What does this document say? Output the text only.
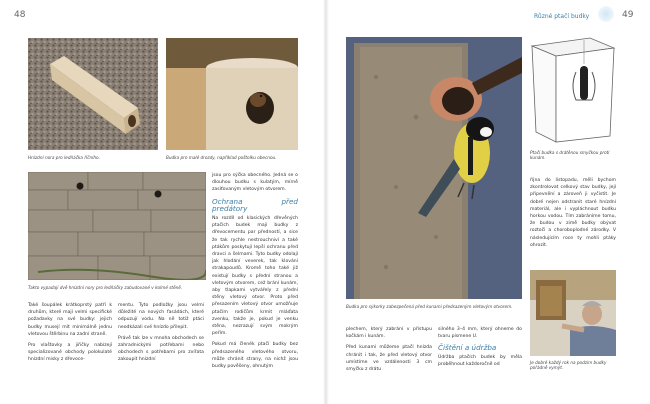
48
Hnízdní nora pro ledňáčka říčního.	Budka pro malé drozdy, například poštolku obecnou.
Takto vypadají dvě hnízdní nory pro ledňáčky zabudované v kolmé stěně.

Také šoupálek krátkoprstý patří k druhům, které mají velmi specifické požadavky na své budky: jejich budky musejí mít minimálně jednu vletovou štěrbinu na zadní straně.

Pro vlaštovky a jiřičky nabízejí specializované obchody polokulaté hnízdní misky z dřevoce-

mentu. Tyto podložky jsou velmi důležité na nových fasádách, které odpuzují vodu. Na ně totiž ptáci neodkázali své hnízdo přilepit.

Právě tak lze v mnoha obchodech se zahradnickými potřebami nebo obchodech s potřebami pro zvířata zakoupit hnízdní

jsou pro sýčka obecného. Jedná se o dlouhou budku s kulatým, mírně zasíťovaným vletovým otvorem.

Ochrana před predátory

Na rozdíl od klasických dřevěných ptačích budek mají budky z dřevocementu par předností, a sice že tak rychle nestrouchniví a také ptákům poskytují lepší ochranu před dravci a šelmami. Tyto budky odolají jak hlodání veverek, tak klování strakapoudů. Kromě toho také již existují budky s přední stranou a vletovým otvorem, cež brání kunám, aby tlapkami vytvářely z přední stěny vletový otvor. Proto před přesazením vletový otvor umožňuje ptačím rodičům krmit mláďata zvenku, takže je, pokud je venku stěna, nezrazují svým mokrým peřím.

Pokud má členék ptačí budky bez předsazeného vletového otvoru, může chránit strany, na nichž jsou budky pověšeny, ohnutým

Různé ptačí budky	49
Budka pro sýkorky zabezpečená před kunami předsazeným vletovým otvorem.
Ptačí budka s drátěnou smyčkou proti kunám.

plechem, který zabrání v přístupu kočkám i kunám.

Před kunami můžeme ptačí hnízda chránit i tak, že před vletový otvor umístíme ve vzdálenosti 3 cm smyčku z drátu

silného 3–4 mm, který ohneme do tvaru písmene U.

Čištění a údržba

Údržba ptačích budek by měla proběhnout každoročně od

října do listopadu, měli bychom zkontrolovat celkový stav budky, její připevnění a zároveň ji vyčistit. Je dobré nejen odstranit staré hnízdní materiál, ale i vypláchnout budku horkou vodou. Tím zabráníme tomu, že budou v zimě budky obývat roztoči a choroboplodné zárodky. V následujícím roce ty mohli ptáky ohrozit.

Je dobré každý rok na podzim budky pořádně vymýt.
